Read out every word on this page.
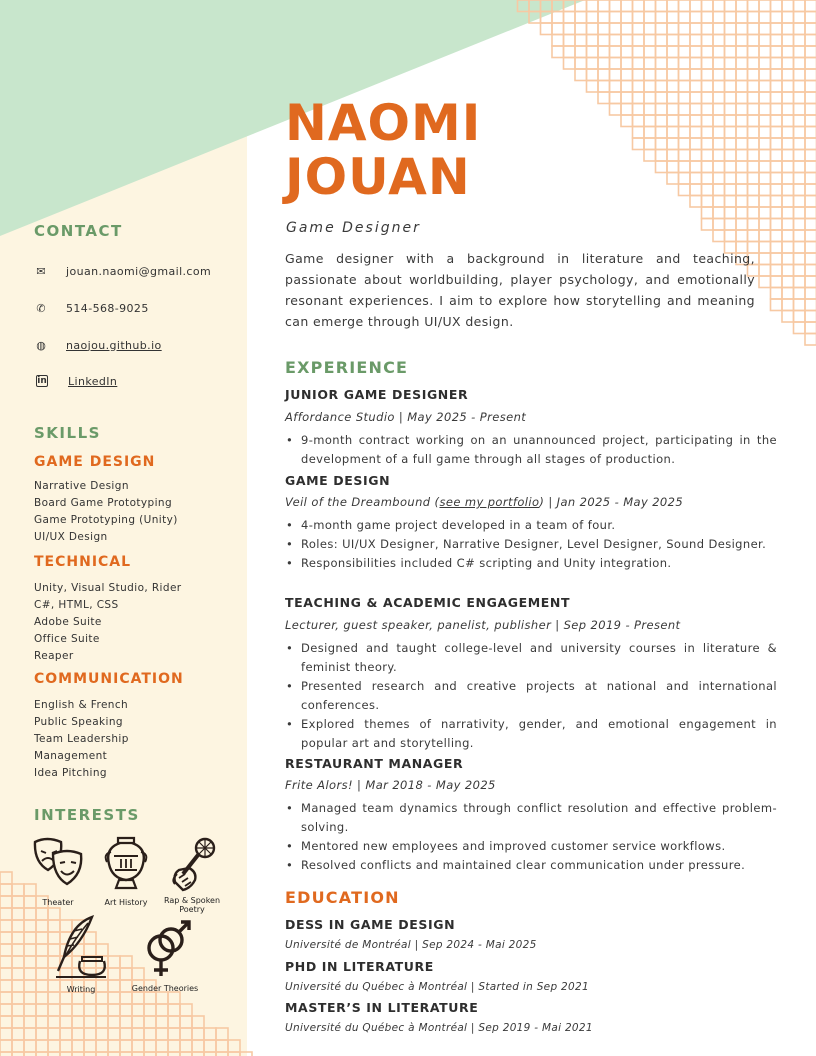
NAOMI
JOUAN
Game Designer
Game designer with a background in literature and teaching, passionate about worldbuilding, player psychology, and emotionally resonant experiences. I aim to explore how storytelling and meaning can emerge through UI/UX design.
CONTACT
✉ jouan.naomi@gmail.com
✆ 514-568-9025
◍ naojou.github.io
in LinkedIn
SKILLS
GAME DESIGN
Narrative Design
Board Game Prototyping
Game Prototyping (Unity)
UI/UX Design
TECHNICAL
Unity, Visual Studio, Rider
C#, HTML, CSS
Adobe Suite
Office Suite
Reaper
COMMUNICATION
English & French
Public Speaking
Team Leadership
Management
Idea Pitching
INTERESTS
Theater	Art History	Rap & Spoken Poetry
Writing	Gender Theories
EXPERIENCE
JUNIOR GAME DESIGNER
Affordance Studio | May 2025 - Present
• 9-month contract working on an unannounced project, participating in the development of a full game through all stages of production.
GAME DESIGN
Veil of the Dreambound (see my portfolio) | Jan 2025 - May 2025
• 4-month game project developed in a team of four.
• Roles: UI/UX Designer, Narrative Designer, Level Designer, Sound Designer.
• Responsibilities included C# scripting and Unity integration.
TEACHING & ACADEMIC ENGAGEMENT
Lecturer, guest speaker, panelist, publisher | Sep 2019 - Present
• Designed and taught college-level and university courses in literature & feminist theory.
• Presented research and creative projects at national and international conferences.
• Explored themes of narrativity, gender, and emotional engagement in popular art and storytelling.
RESTAURANT MANAGER
Frite Alors! | Mar 2018 - May 2025
• Managed team dynamics through conflict resolution and effective problem-solving.
• Mentored new employees and improved customer service workflows.
• Resolved conflicts and maintained clear communication under pressure.
EDUCATION
DESS IN GAME DESIGN
Université de Montréal | Sep 2024 - Mai 2025
PHD IN LITERATURE
Université du Québec à Montréal | Started in Sep 2021
MASTER’S IN LITERATURE
Université du Québec à Montréal | Sep 2019 - Mai 2021
